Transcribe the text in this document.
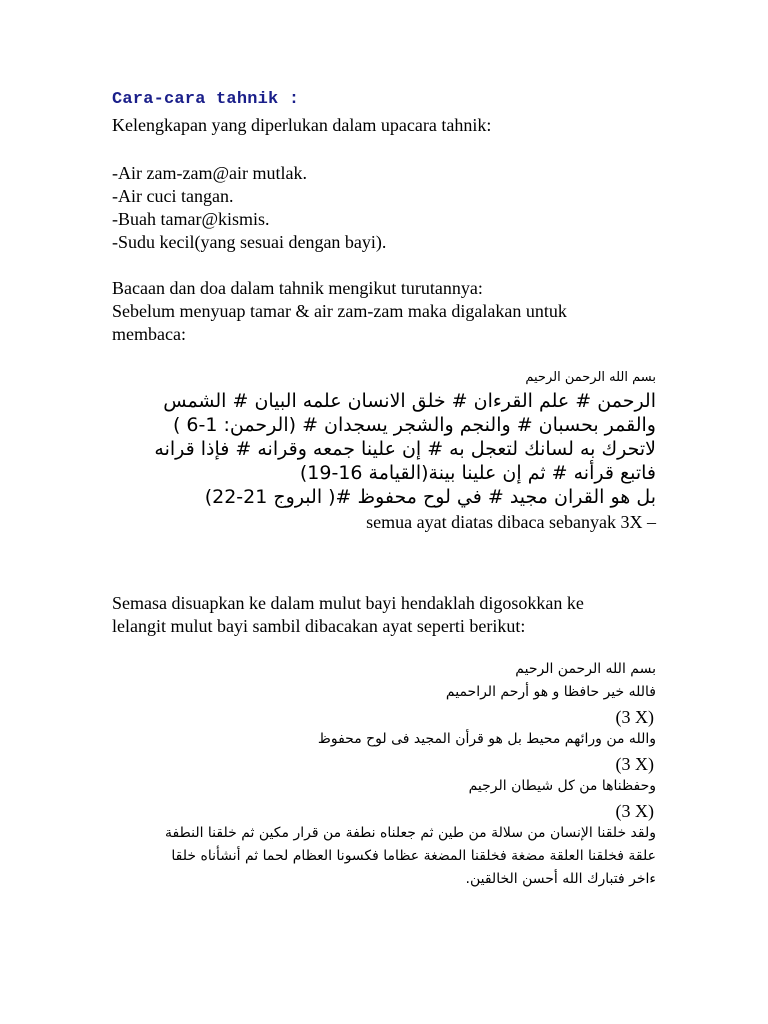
Cara-cara tahnik :
Kelengkapan yang diperlukan dalam upacara tahnik:
-Air zam-zam@air mutlak.
-Air cuci tangan.
-Buah tamar@kismis.
-Sudu kecil(yang sesuai dengan bayi).
Bacaan dan doa dalam tahnik mengikut turutannya:
Sebelum menyuap tamar & air zam-zam maka digalakan untuk
membaca:
بسم الله الرحمن الرحيم
الرحمن # علم القرءان # خلق الانسان علمه البيان # الشمس
والقمر بحسبان # والنجم والشجر يسجدان # (الرحمن: 1-6 )
لاتحرك به لسانك لتعجل به # إن علينا جمعه وقرانه # فإذا قرانه
فاتبع قرأنه # ثم إن علينا بينة(القيامة 16-19)
بل هو القران مجيد # في لوح محفوظ #( البروج 21-22)
semua ayat diatas dibaca sebanyak 3X –
Semasa disuapkan ke dalam mulut bayi hendaklah digosokkan ke
lelangit mulut bayi sambil dibacakan ayat seperti berikut:
بسم الله الرحمن الرحيم
فالله خير حافظا و هو أرحم الراحميم
(3 X)
والله من ورائهم محيط بل هو قرأن المجيد فى لوح محفوظ
(3 X)
وحفظناها من كل شيطان الرجيم
(3 X)
ولقد خلقنا الإنسان من سلالة من طين ثم جعلناه نطفة من قرار مكين ثم خلقنا النطفة
علقة فخلقنا العلقة مضغة فخلقنا المضغة عظاما فكسونا العظام لحما ثم أنشأناه خلقا
ءاخر فتبارك الله أحسن الخالقين.
